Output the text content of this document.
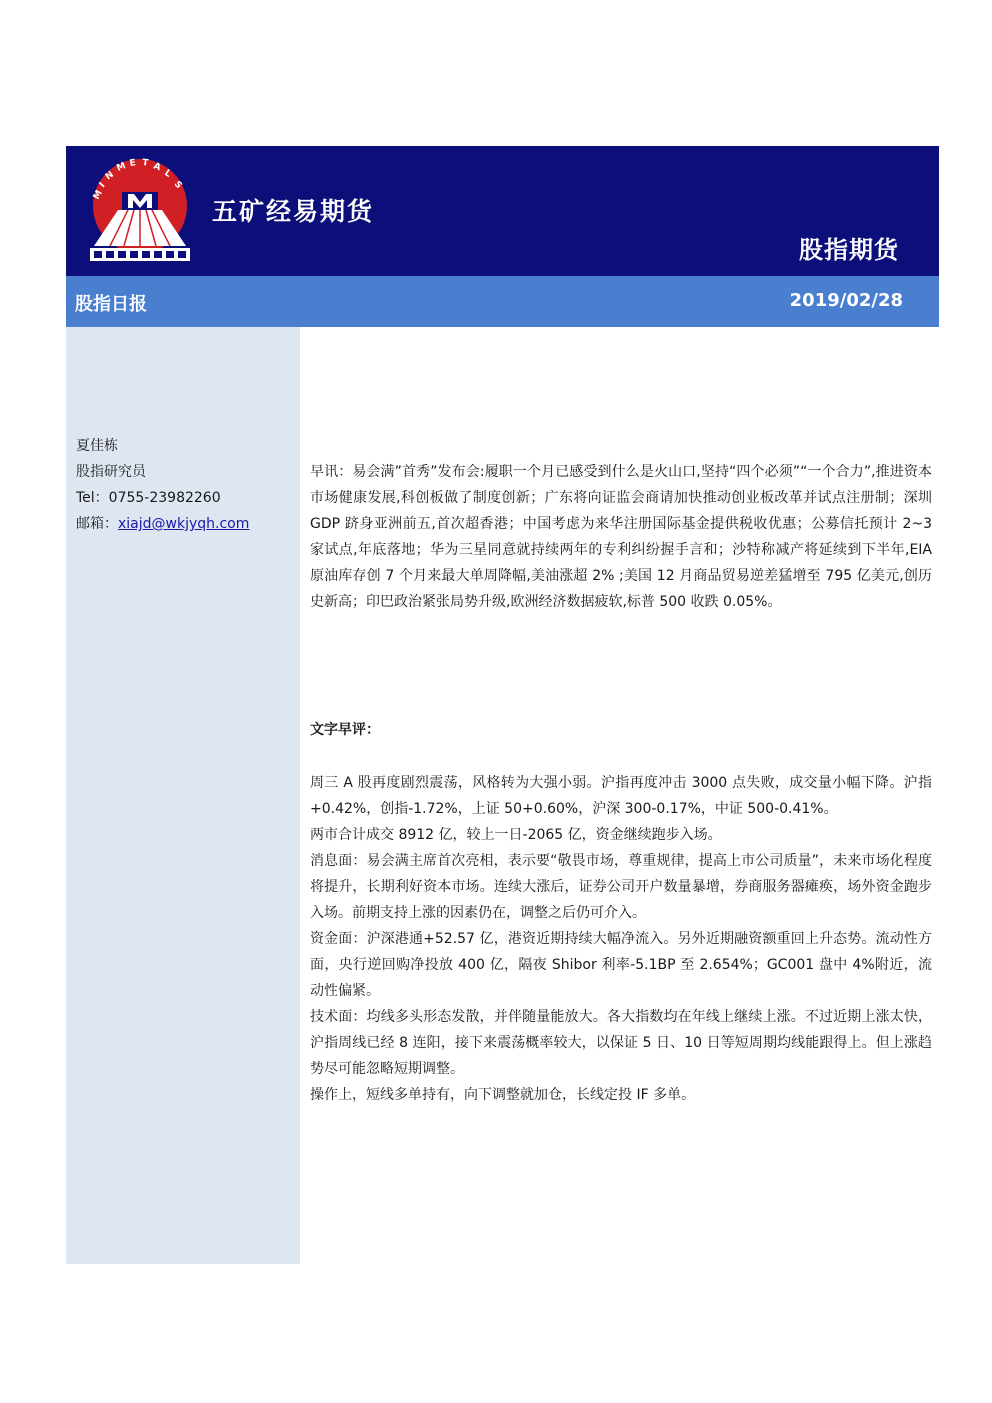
M
I
N
M E T A
L
S
五矿经易期货
股指期货
股指日报	2019/02/28
夏佳栋
股指研究员
Tel：0755-23982260
邮箱：xiajd@wkjyqh.com
早讯：易会满”首秀”发布会:履职一个月已感受到什么是火山口,坚持“四个必须”“一个合力”,推进资本市场健康发展,科创板做了制度创新；广东将向证监会商请加快推动创业板改革并试点注册制；深圳 GDP 跻身亚洲前五,首次超香港；中国考虑为来华注册国际基金提供税收优惠；公募信托预计 2~3 家试点,年底落地；华为三星同意就持续两年的专利纠纷握手言和；沙特称减产将延续到下半年,EIA 原油库存创 7 个月来最大单周降幅,美油涨超 2% ;美国 12 月商品贸易逆差猛增至 795 亿美元,创历史新高；印巴政治紧张局势升级,欧洲经济数据疲软,标普 500 收跌 0.05%。
文字早评：

周三 A 股再度剧烈震荡，风格转为大强小弱。沪指再度冲击 3000 点失败，成交量小幅下降。沪指+0.42%，创指-1.72%，上证 50+0.60%，沪深 300-0.17%，中证 500-0.41%。

两市合计成交 8912 亿，较上一日-2065 亿，资金继续跑步入场。

消息面：易会满主席首次亮相，表示要“敬畏市场，尊重规律，提高上市公司质量”，未来市场化程度将提升，长期利好资本市场。连续大涨后，证券公司开户数量暴增，券商服务器瘫痪，场外资金跑步入场。前期支持上涨的因素仍在，调整之后仍可介入。

资金面：沪深港通+52.57 亿，港资近期持续大幅净流入。另外近期融资额重回上升态势。流动性方面，央行逆回购净投放 400 亿，隔夜 Shibor 利率-5.1BP 至 2.654%；GC001 盘中 4%附近，流动性偏紧。

技术面：均线多头形态发散，并伴随量能放大。各大指数均在年线上继续上涨。不过近期上涨太快，沪指周线已经 8 连阳，接下来震荡概率较大，以保证 5 日、10 日等短周期均线能跟得上。但上涨趋势尽可能忽略短期调整。

操作上，短线多单持有，向下调整就加仓，长线定投 IF 多单。
